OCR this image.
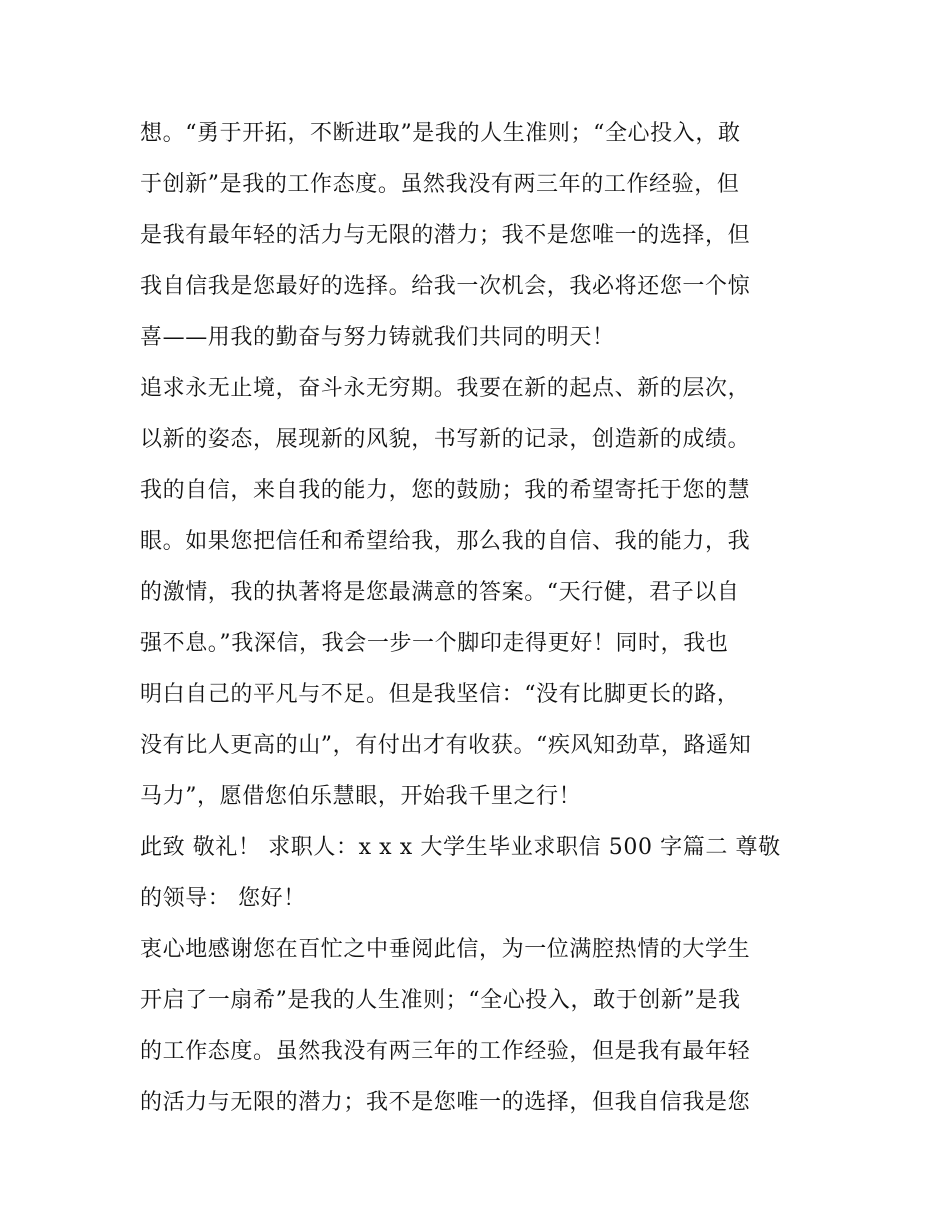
想。“勇于开拓，不断进取”是我的人生准则；“全心投入，敢
于创新”是我的工作态度。虽然我没有两三年的工作经验，但
是我有最年轻的活力与无限的潜力；我不是您唯一的选择，但
我自信我是您最好的选择。给我一次机会，我必将还您一个惊
喜——用我的勤奋与努力铸就我们共同的明天！
追求永无止境，奋斗永无穷期。我要在新的起点、新的层次，
以新的姿态，展现新的风貌，书写新的记录，创造新的成绩。
我的自信，来自我的能力，您的鼓励；我的希望寄托于您的慧
眼。如果您把信任和希望给我，那么我的自信、我的能力，我
的激情，我的执著将是您最满意的答案。“天行健，君子以自
强不息。”我深信，我会一步一个脚印走得更好！同时，我也
明白自己的平凡与不足。但是我坚信：“没有比脚更长的路，
没有比人更高的山”，有付出才有收获。“疾风知劲草，路遥知
马力”，愿借您伯乐慧眼，开始我千里之行！
此致 敬礼！ 求职人：x x x 大学生毕业求职信 500 字篇二 尊敬
的领导： 您好！
衷心地感谢您在百忙之中垂阅此信，为一位满腔热情的大学生
开启了一扇希”是我的人生准则；“全心投入，敢于创新”是我
的工作态度。虽然我没有两三年的工作经验，但是我有最年轻
的活力与无限的潜力；我不是您唯一的选择，但我自信我是您
